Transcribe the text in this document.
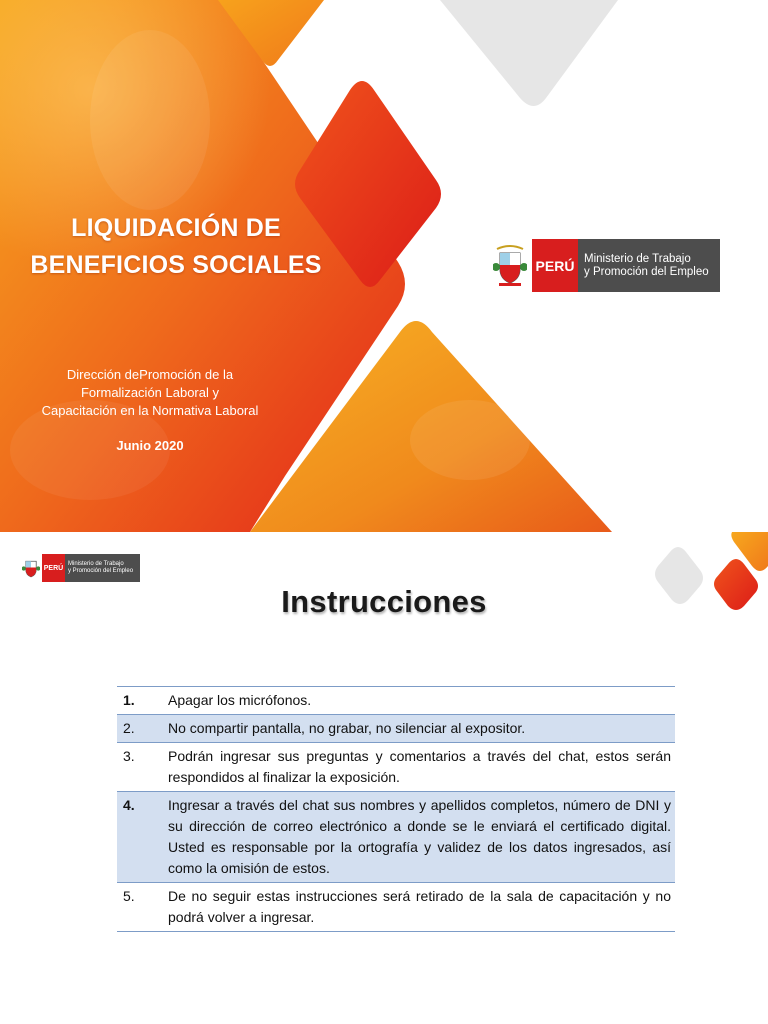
LIQUIDACIÓN DE
BENEFICIOS SOCIALES
Dirección dePromoción de la
Formalización Laboral y
Capacitación en la Normativa Laboral
Junio 2020
PERÚ Ministerio de Trabajo
y Promoción del Empleo
PERÚ
Ministerio de Trabajo
y Promoción del Empleo
Instrucciones
1.	Apagar los micrófonos.
2.	No compartir pantalla, no grabar, no silenciar al expositor.
3.	Podrán ingresar sus preguntas y comentarios a través del chat, estos serán respondidos al finalizar la exposición.
4.	Ingresar a través del chat sus nombres y apellidos completos, número de DNI y su dirección de correo electrónico a donde se le enviará el certificado digital. Usted es responsable por la ortografía y validez de los datos ingresados, así como la omisión de estos.
5.	De no seguir estas instrucciones será retirado de la sala de capacitación y no podrá volver a ingresar.
